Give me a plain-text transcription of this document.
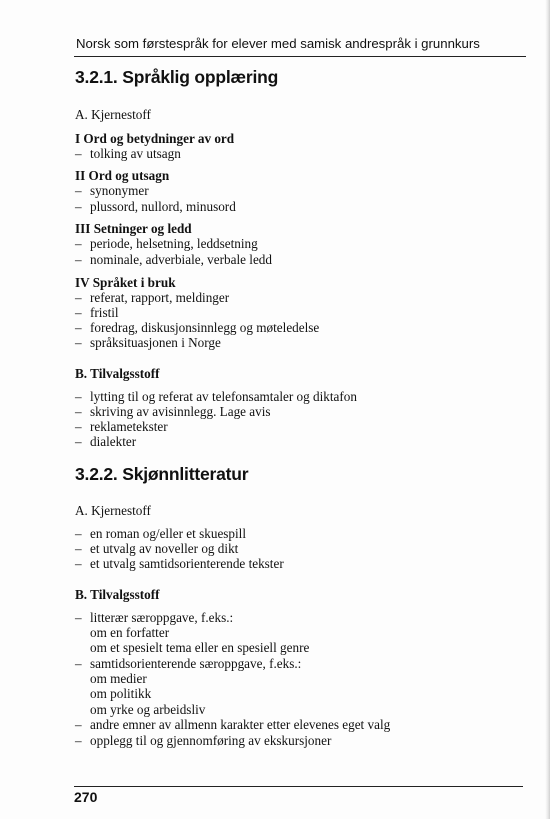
Norsk som førstespråk for elever med samisk andrespråk i grunnkurs
3.2.1. Språklig opplæring
A. Kjernestoff
I Ord og betydninger av ord
– tolking av utsagn
II Ord og utsagn
– synonymer
– plussord, nullord, minusord
III Setninger og ledd
– periode, helsetning, leddsetning
– nominale, adverbiale, verbale ledd
IV Språket i bruk
– referat, rapport, meldinger
– fristil
– foredrag, diskusjonsinnlegg og møteledelse
– språksituasjonen i Norge
B. Tilvalgsstoff
– lytting til og referat av telefonsamtaler og diktafon
– skriving av avisinnlegg. Lage avis
– reklametekster
– dialekter
3.2.2. Skjønnlitteratur
A. Kjernestoff
– en roman og/eller et skuespill
– et utvalg av noveller og dikt
– et utvalg samtidsorienterende tekster
B. Tilvalgsstoff
– litterær særoppgave, f.eks.:
om en forfatter
om et spesielt tema eller en spesiell genre
– samtidsorienterende særoppgave, f.eks.:
om medier
om politikk
om yrke og arbeidsliv
– andre emner av allmenn karakter etter elevenes eget valg
– opplegg til og gjennomføring av ekskursjoner
270
